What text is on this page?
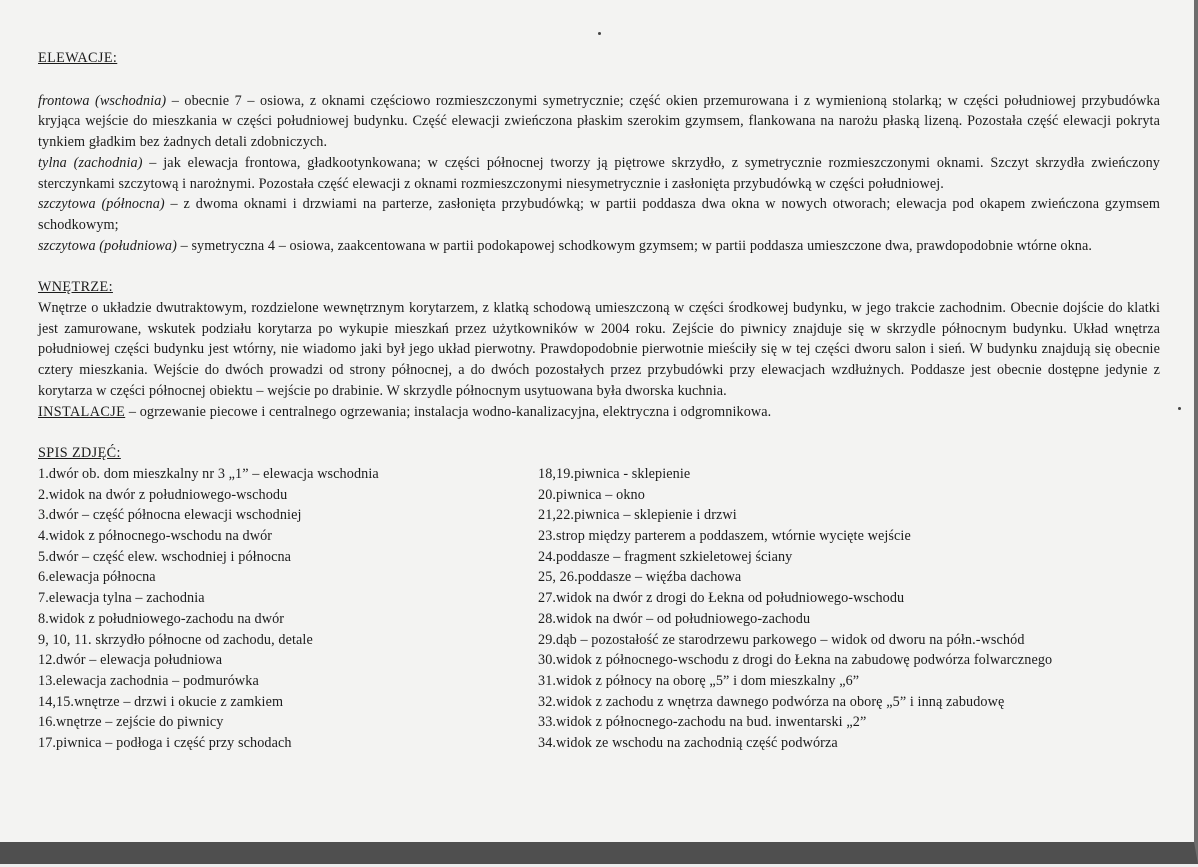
ELEWACJE:
frontowa (wschodnia) – obecnie 7 – osiowa, z oknami częściowo rozmieszczonymi symetrycznie; część okien przemurowana i z wymienioną stolarką; w części południowej przybudówka kryjąca wejście do mieszkania w części południowej budynku. Część elewacji zwieńczona płaskim szerokim gzymsem, flankowana na narożu płaską lizeną. Pozostała część elewacji pokryta tynkiem gładkim bez żadnych detali zdobniczych.
tylna (zachodnia) – jak elewacja frontowa, gładkootynkowana; w części północnej tworzy ją piętrowe skrzydło, z symetrycznie rozmieszczonymi oknami. Szczyt skrzydła zwieńczony sterczynkami szczytową i narożnymi. Pozostała część elewacji z oknami rozmieszczonymi niesymetrycznie i zasłonięta przybudówką w części południowej.
szczytowa (północna) – z dwoma oknami i drzwiami na parterze, zasłonięta przybudówką; w partii poddasza dwa okna w nowych otworach; elewacja pod okapem zwieńczona gzymsem schodkowym;
szczytowa (południowa) – symetryczna 4 – osiowa, zaakcentowana w partii podokapowej schodkowym gzymsem; w partii poddasza umieszczone dwa, prawdopodobnie wtórne okna.
WNĘTRZE:
Wnętrze o układzie dwutraktowym, rozdzielone wewnętrznym korytarzem, z klatką schodową umieszczoną w części środkowej budynku, w jego trakcie zachodnim. Obecnie dojście do klatki jest zamurowane, wskutek podziału korytarza po wykupie mieszkań przez użytkowników w 2004 roku. Zejście do piwnicy znajduje się w skrzydle północnym budynku. Układ wnętrza południowej części budynku jest wtórny, nie wiadomo jaki był jego układ pierwotny. Prawdopodobnie pierwotnie mieściły się w tej części dworu salon i sień. W budynku znajdują się obecnie cztery mieszkania. Wejście do dwóch prowadzi od strony północnej, a do dwóch pozostałych przez przybudówki przy elewacjach wzdłużnych. Poddasze jest obecnie dostępne jedynie z korytarza w części północnej obiektu – wejście po drabinie. W skrzydle północnym usytuowana była dworska kuchnia.
INSTALACJE – ogrzewanie piecowe i centralnego ogrzewania; instalacja wodno-kanalizacyjna, elektryczna i odgromnikowa.
SPIS ZDJĘĆ:
1.dwór ob. dom mieszkalny nr 3 „1” – elewacja wschodnia
2.widok na dwór z południowego-wschodu
3.dwór – część północna elewacji wschodniej
4.widok z północnego-wschodu na dwór
5.dwór – część elew. wschodniej i północna
6.elewacja północna
7.elewacja tylna – zachodnia
8.widok z południowego-zachodu na dwór
9, 10, 11. skrzydło północne od zachodu, detale
12.dwór – elewacja południowa
13.elewacja zachodnia – podmurówka
14,15.wnętrze – drzwi i okucie z zamkiem
16.wnętrze – zejście do piwnicy
17.piwnica – podłoga i część przy schodach
18,19.piwnica - sklepienie
20.piwnica – okno
21,22.piwnica – sklepienie i drzwi
23.strop między parterem a poddaszem, wtórnie wycięte wejście
24.poddasze – fragment szkieletowej ściany
25, 26.poddasze – więźba dachowa
27.widok na dwór z drogi do Łekna od południowego-wschodu
28.widok na dwór – od południowego-zachodu
29.dąb – pozostałość ze starodrzewu parkowego – widok od dworu na półn.-wschód
30.widok z północnego-wschodu z drogi do Łekna na zabudowę podwórza folwarcznego
31.widok z północy na oborę „5” i dom mieszkalny „6”
32.widok z zachodu z wnętrza dawnego podwórza na oborę „5” i inną zabudowę
33.widok z północnego-zachodu na bud. inwentarski „2”
34.widok ze wschodu na zachodnią część podwórza
